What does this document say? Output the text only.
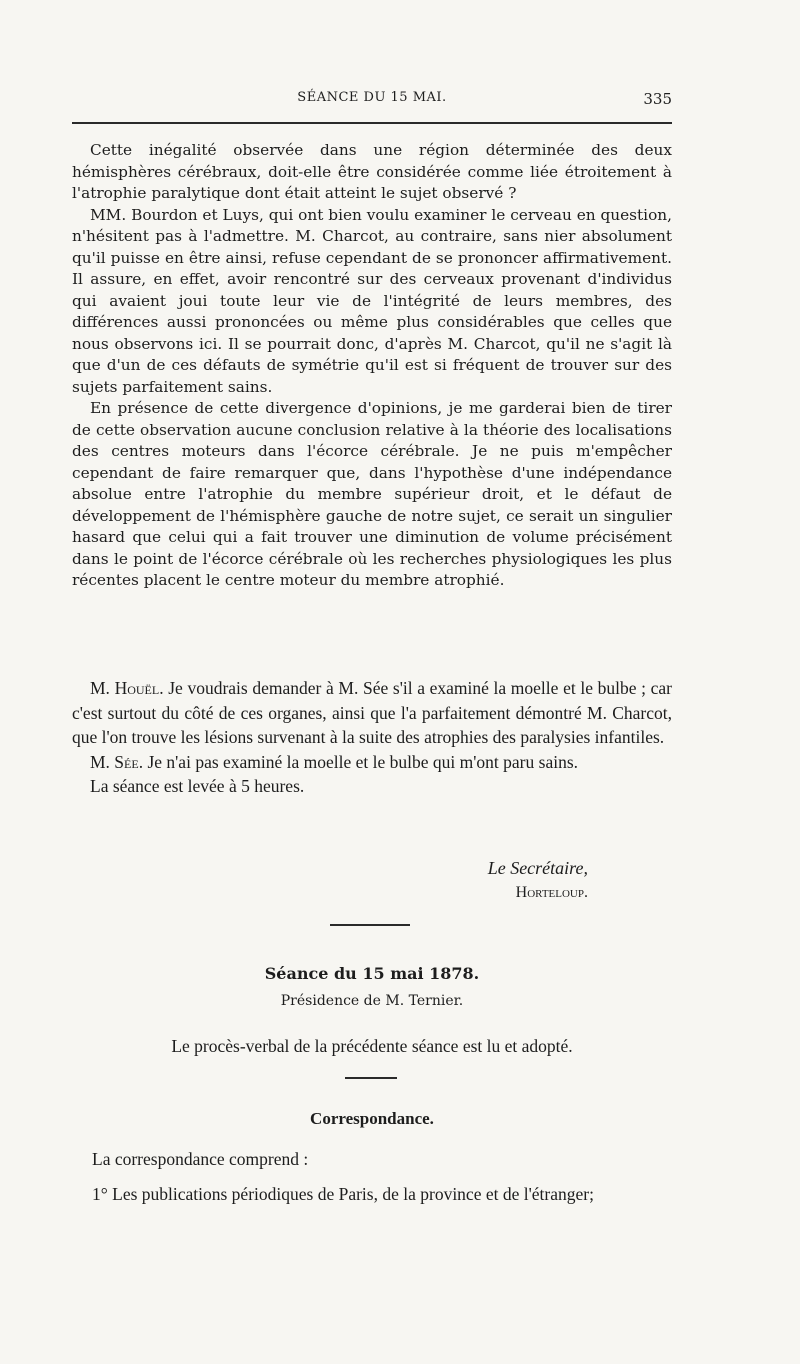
SÉANCE DU 15 MAI.	335

Cette inégalité observée dans une région déterminée des deux hémisphères cérébraux, doit-elle être considérée comme liée étroitement à l'atrophie paralytique dont était atteint le sujet observé ?

MM. Bourdon et Luys, qui ont bien voulu examiner le cerveau en question, n'hésitent pas à l'admettre. M. Charcot, au contraire, sans nier absolument qu'il puisse en être ainsi, refuse cependant de se prononcer affirmativement. Il assure, en effet, avoir rencontré sur des cerveaux provenant d'individus qui avaient joui toute leur vie de l'intégrité de leurs membres, des différences aussi prononcées ou même plus considérables que celles que nous observons ici. Il se pourrait donc, d'après M. Charcot, qu'il ne s'agit là que d'un de ces défauts de symétrie qu'il est si fréquent de trouver sur des sujets parfaitement sains.

En présence de cette divergence d'opinions, je me garderai bien de tirer de cette observation aucune conclusion relative à la théorie des localisations des centres moteurs dans l'écorce cérébrale. Je ne puis m'empêcher cependant de faire remarquer que, dans l'hypothèse d'une indépendance absolue entre l'atrophie du membre supérieur droit, et le défaut de développement de l'hémisphère gauche de notre sujet, ce serait un singulier hasard que celui qui a fait trouver une diminution de volume précisément dans le point de l'écorce cérébrale où les recherches physiologiques les plus récentes placent le centre moteur du membre atrophié.

M. Houël. Je voudrais demander à M. Sée s'il a examiné la moelle et le bulbe ; car c'est surtout du côté de ces organes, ainsi que l'a parfaitement démontré M. Charcot, que l'on trouve les lésions survenant à la suite des atrophies des paralysies infantiles.

M. Sée. Je n'ai pas examiné la moelle et le bulbe qui m'ont paru sains.

La séance est levée à 5 heures.

Le Secrétaire,
Horteloup.
Séance du 15 mai 1878.
Présidence de M. Ternier.
Le procès-verbal de la précédente séance est lu et adopté.
Correspondance.

La correspondance comprend :

1° Les publications périodiques de Paris, de la province et de l'étranger;
